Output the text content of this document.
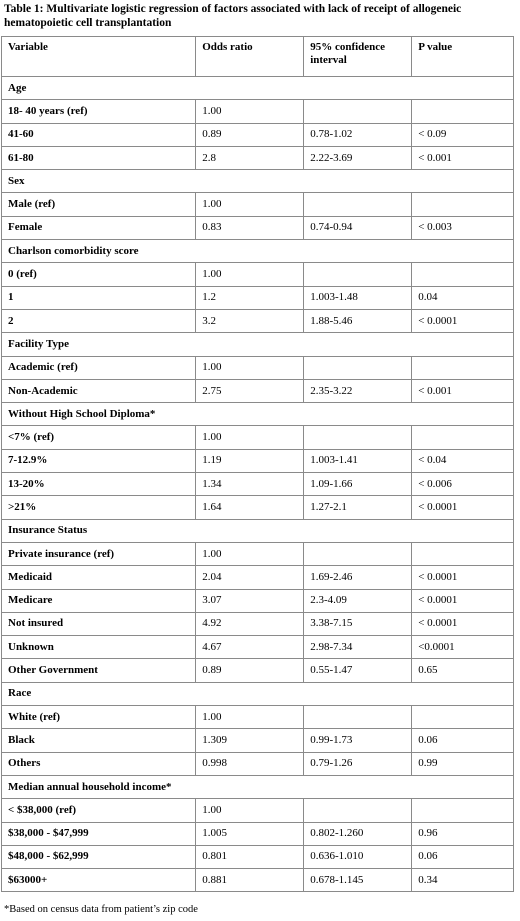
Table 1: Multivariate logistic regression of factors associated with lack of receipt of allogeneic hematopoietic cell transplantation
Variable	Odds ratio	95% confidence interval	P value
Age			
18- 40 years (ref)	1.00		
41-60	0.89	0.78-1.02	< 0.09
61-80	2.8	2.22-3.69	< 0.001
Sex			
Male (ref)	1.00		
Female	0.83	0.74-0.94	< 0.003
Charlson comorbidity score			
0 (ref)	1.00		
1	1.2	1.003-1.48	0.04
2	3.2	1.88-5.46	< 0.0001
Facility Type			
Academic (ref)	1.00		
Non-Academic	2.75	2.35-3.22	< 0.001
Without High School Diploma*			
<7% (ref)	1.00		
7-12.9%	1.19	1.003-1.41	< 0.04
13-20%	1.34	1.09-1.66	< 0.006
>21%	1.64	1.27-2.1	< 0.0001
Insurance Status			
Private insurance (ref)	1.00		
Medicaid	2.04	1.69-2.46	< 0.0001
Medicare	3.07	2.3-4.09	< 0.0001
Not insured	4.92	3.38-7.15	< 0.0001
Unknown	4.67	2.98-7.34	<0.0001
Other Government	0.89	0.55-1.47	0.65
Race			
White (ref)	1.00		
Black	1.309	0.99-1.73	0.06
Others	0.998	0.79-1.26	0.99
Median annual household income*			
< $38,000 (ref)	1.00		
$38,000 - $47,999	1.005	0.802-1.260	0.96
$48,000 - $62,999	0.801	0.636-1.010	0.06
$63000+	0.881	0.678-1.145	0.34
*Based on census data from patient’s zip code
